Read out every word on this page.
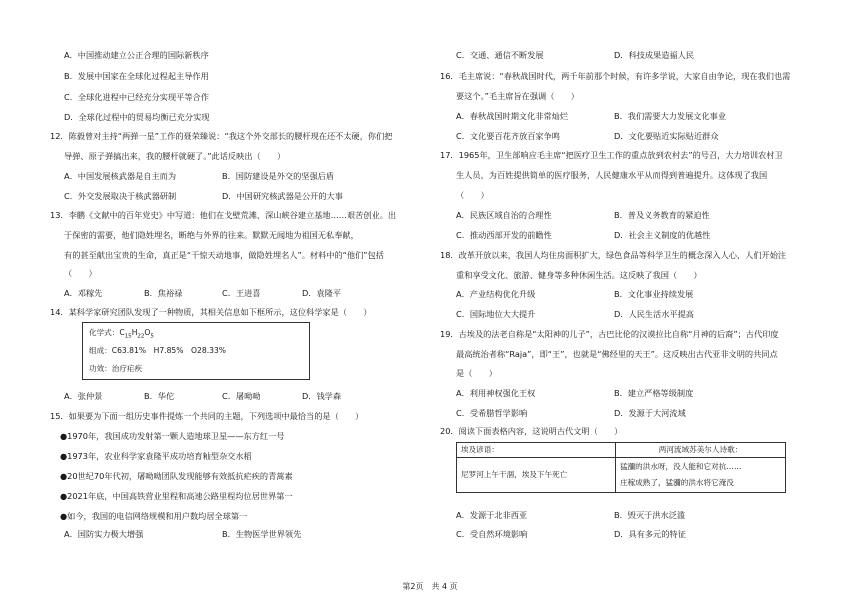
A．中国推动建立公正合理的国际新秩序
B．发展中国家在全球化过程起主导作用
C．全球化进程中已经充分实现平等合作
D．全球化过程中的贸易均衡已充分实现
12．陈毅曾对主持“两弹一星”工作的聂荣臻说：“我这个外交部长的腰杆现在还不太硬，你们把
导弹、原子弹搞出来，我的腰杆就硬了。”此话反映出（　　）
A．中国发展核武器是自主而为	B．国防建设是外交的坚强后盾
C．外交发展取决于核武器研制	D．中国研究核武器是公开的大事
13．李鹏《文献中的百年党史》中写道：他们在戈壁荒滩、深山峡谷建立基地……艰苦创业。出
于保密的需要，他们隐姓埋名，断绝与外界的往来。默默无闻地为祖国无私奉献，
有的甚至献出宝贵的生命，真正是“干惊天动地事，做隐姓埋名人”。材料中的“他们”包括
（　　）
A．邓稼先	B．焦裕禄	C．王进喜	D．袁隆平
14．某科学家研究团队发现了一种物质，其相关信息如下框所示，这位科学家是（　　）
化学式：$C_{15}H_{22}O_5$
组成：C63.81%　H7.85%　O28.33%
功效：治疗疟疾
A．张仲景	B．华佗	C．屠呦呦	D．钱学森
15．如果要为下面一组历史事件提炼一个共同的主题，下列选项中最恰当的是（　　）
●1970年，我国成功发射第一颗人造地球卫星——东方红一号
●1973年，农业科学家袁隆平成功培育籼型杂交水稻
●20世纪70年代初，屠呦呦团队发现能够有效抵抗疟疾的青蒿素
●2021年底，中国高铁营业里程和高速公路里程均位居世界第一
●如今，我国的电信网络规模和用户数均居全球第一
A．国防实力极大增强	B．生物医学世界领先
C．交通、通信不断发展	D．科技成果造福人民
16．毛主席说：“春秋战国时代，两千年前那个时候，有许多学说，大家自由争论，现在我们也需
要这个。”毛主席旨在强调（　　）
A．春秋战国时期文化非常灿烂	B．我们需要大力发展文化事业
C．文化要百花齐放百家争鸣	D．文化要贴近实际贴近群众
17．1965年，卫生部响应毛主席“把医疗卫生工作的重点放到农村去”的号召，大力培训农村卫
生人员，为百姓提供简单的医疗服务，人民健康水平从而得到普遍提升。这体现了我国
（　　）
A．民族区域自治的合理性	B．普及义务教育的紧迫性
C．推动西部开发的前瞻性	D．社会主义制度的优越性
18．改革开放以来，我国人均住房面积扩大，绿色食品等科学卫生的概念深入人心，人们开始注
重和享受文化、旅游、健身等多种休闲生活。这反映了我国（　　）
A．产业结构优化升级	B．文化事业持续发展
C．国际地位大大提升	D．人民生活水平提高
19．古埃及的法老自称是“太阳神的儿子”，古巴比伦的汉谟拉比自称“月神的后裔”；古代印度
最高统治者称“Raja”，即“王”，也就是“佛经里的天王”。这反映出古代亚非文明的共同点
是（　　）
A．利用神权强化王权	B．建立严格等级制度
C．受希腊哲学影响	D．发源于大河流域
20．阅读下面表格内容，这说明古代文明（　　）
埃及谚语：	两河流域苏美尔人诗歌：
尼罗河上午干涸，埃及下午死亡	猛瀰的洪水呀，没人能和它对抗……
庄稼成熟了，猛瀰的洪水将它淹没
A．发源于北非西亚	B．毁灭于洪水泛滥
C．受自然环境影响	D．具有多元的特征
第2页　共 4 页
